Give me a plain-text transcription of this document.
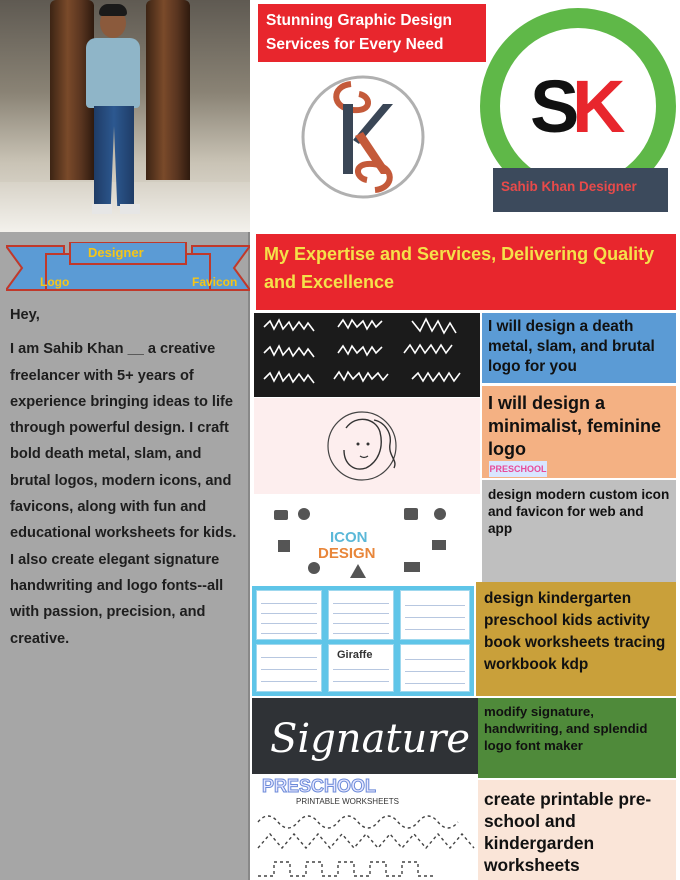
Designer
Logo	Favicon

Hey,

I am Sahib Khan __ a creative freelancer with 5+ years of experience bringing ideas to life through powerful design. I craft bold death metal, slam, and brutal logos, modern icons, and favicons, along with fun and educational worksheets for kids. I also create elegant signature handwriting and logo fonts--all with passion, precision, and creative.

Stunning Graphic Design Services for Every Need
S
K
Sahib Khan Designer
My Expertise and Services, Delivering Quality and Excellence
I will design a death metal, slam, and brutal logo for you
I will design a minimalist, feminine logo
PRESCHOOL
ICON
DESIGN
design modern custom icon and favicon for web and app
Giraffe
design kindergarten preschool kids activity book worksheets tracing workbook kdp
Signature
modify signature, handwriting, and splendid logo font maker
PRESCHOOL
PRINTABLE WORKSHEETS	create printable pre-school and kindergarden worksheets
